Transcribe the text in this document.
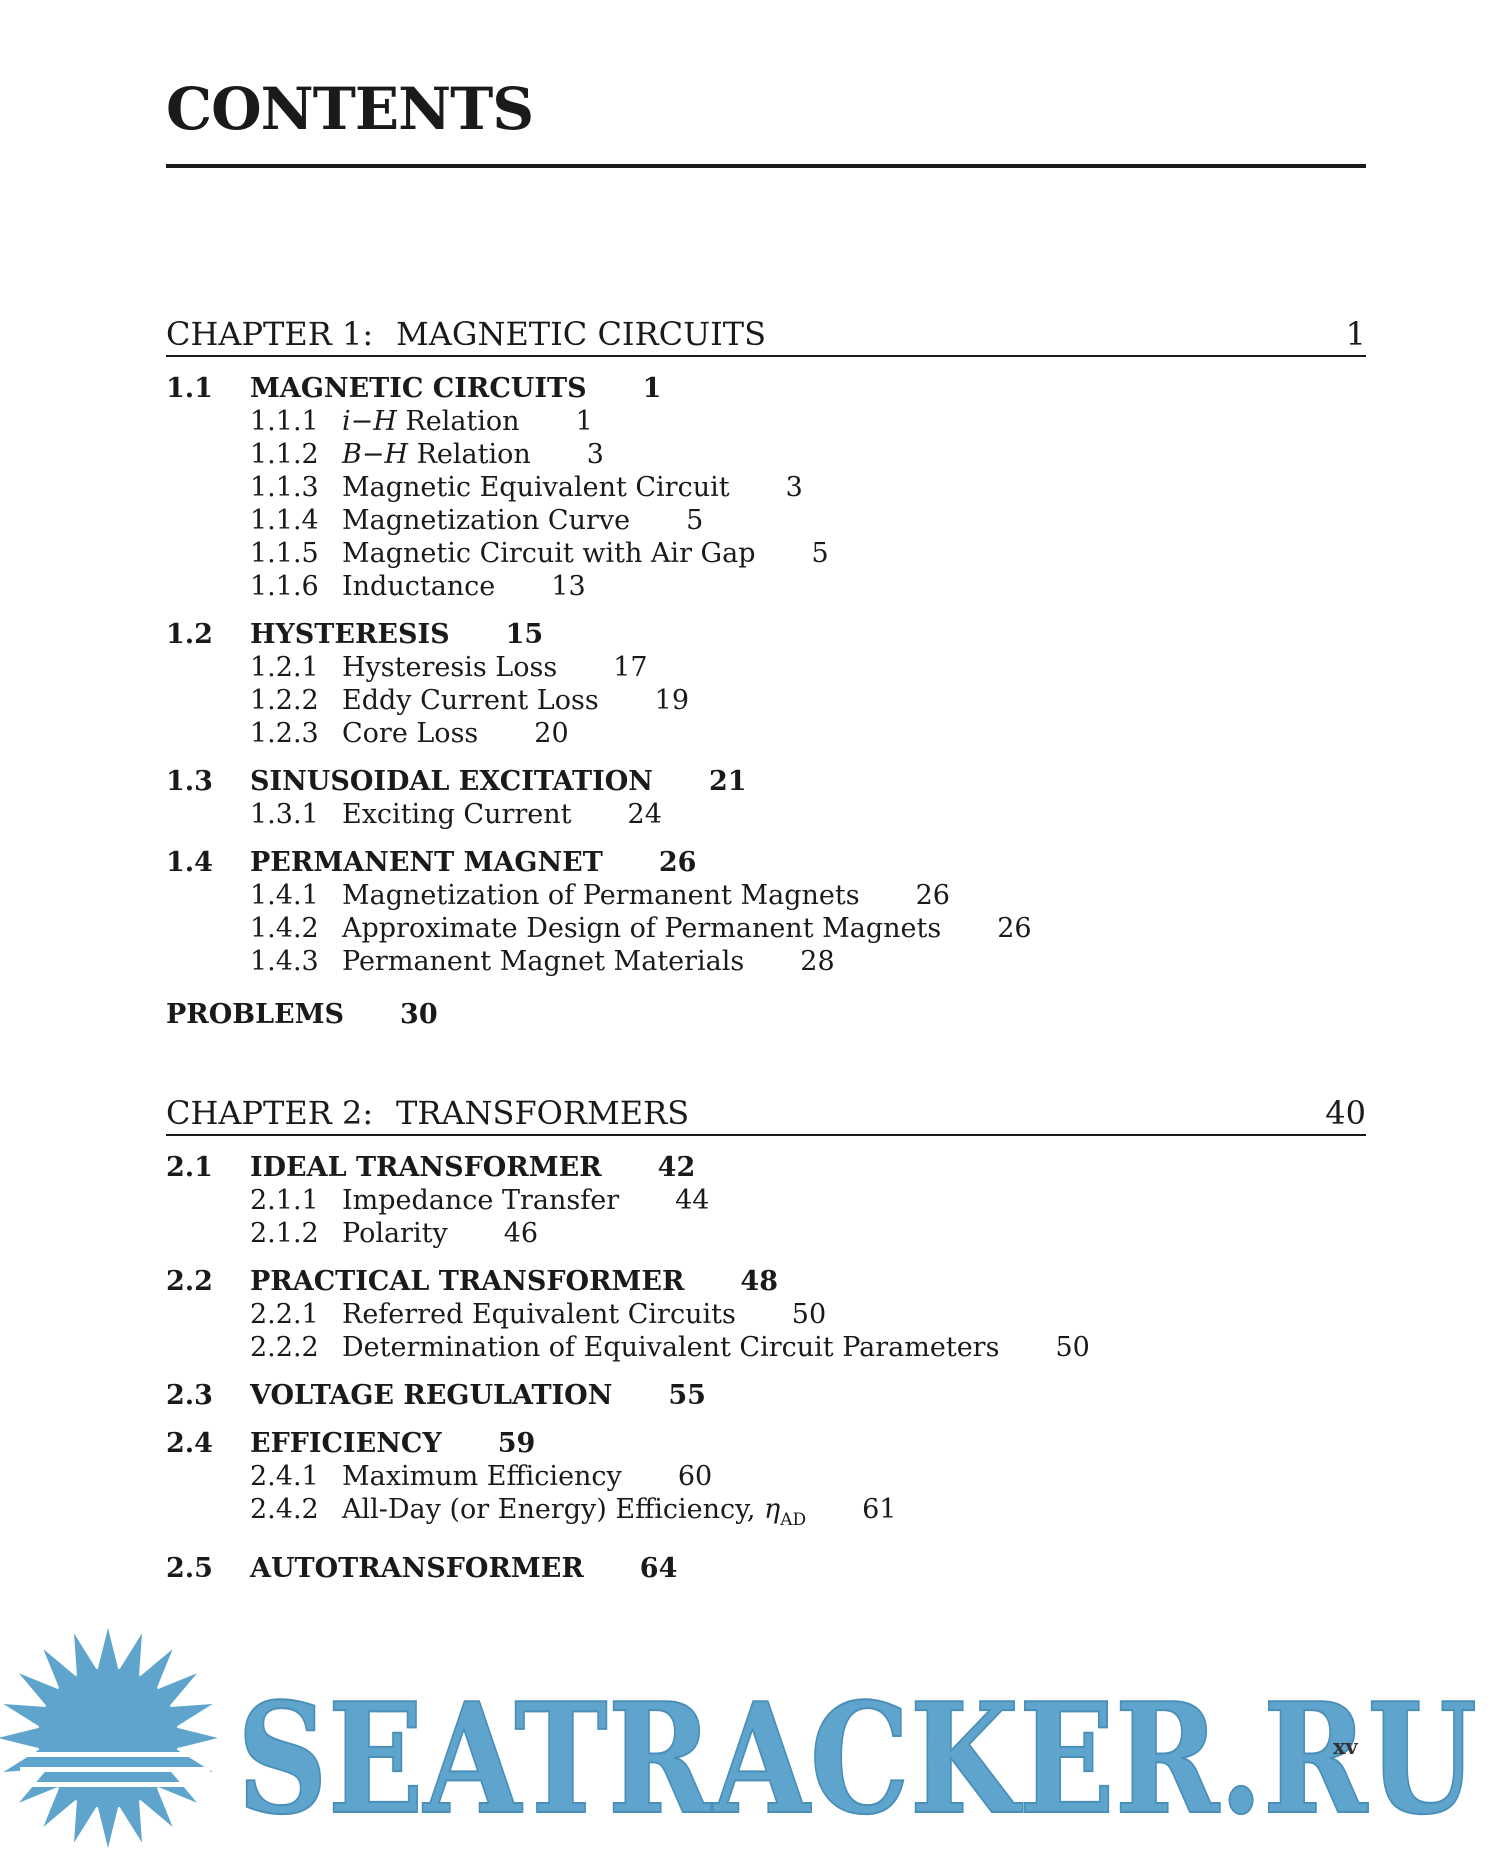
CONTENTS
CHAPTER 1: MAGNETIC CIRCUITS	1
1.1	MAGNETIC CIRCUITS 1
1.1.1 i−H Relation 1
1.1.2 B−H Relation 3
1.1.3 Magnetic Equivalent Circuit 3
1.1.4 Magnetization Curve 5
1.1.5 Magnetic Circuit with Air Gap 5
1.1.6 Inductance 13
1.2	HYSTERESIS 15
1.2.1 Hysteresis Loss 17
1.2.2 Eddy Current Loss 19
1.2.3 Core Loss 20
1.3	SINUSOIDAL EXCITATION 21
1.3.1 Exciting Current 24
1.4	PERMANENT MAGNET 26
1.4.1 Magnetization of Permanent Magnets 26
1.4.2 Approximate Design of Permanent Magnets 26
1.4.3 Permanent Magnet Materials 28
PROBLEMS 30
CHAPTER 2: TRANSFORMERS	40
2.1	IDEAL TRANSFORMER 42
2.1.1 Impedance Transfer 44
2.1.2 Polarity 46
2.2	PRACTICAL TRANSFORMER 48
2.2.1 Referred Equivalent Circuits 50
2.2.2 Determination of Equivalent Circuit Parameters 50
2.3	VOLTAGE REGULATION 55
2.4	EFFICIENCY 59
2.4.1 Maximum Efficiency 60
2.4.2 All-Day (or Energy) Efficiency, $\eta_{AD}$ 61
2.5	AUTOTRANSFORMER 64
SEATRACKER.RU
xv
